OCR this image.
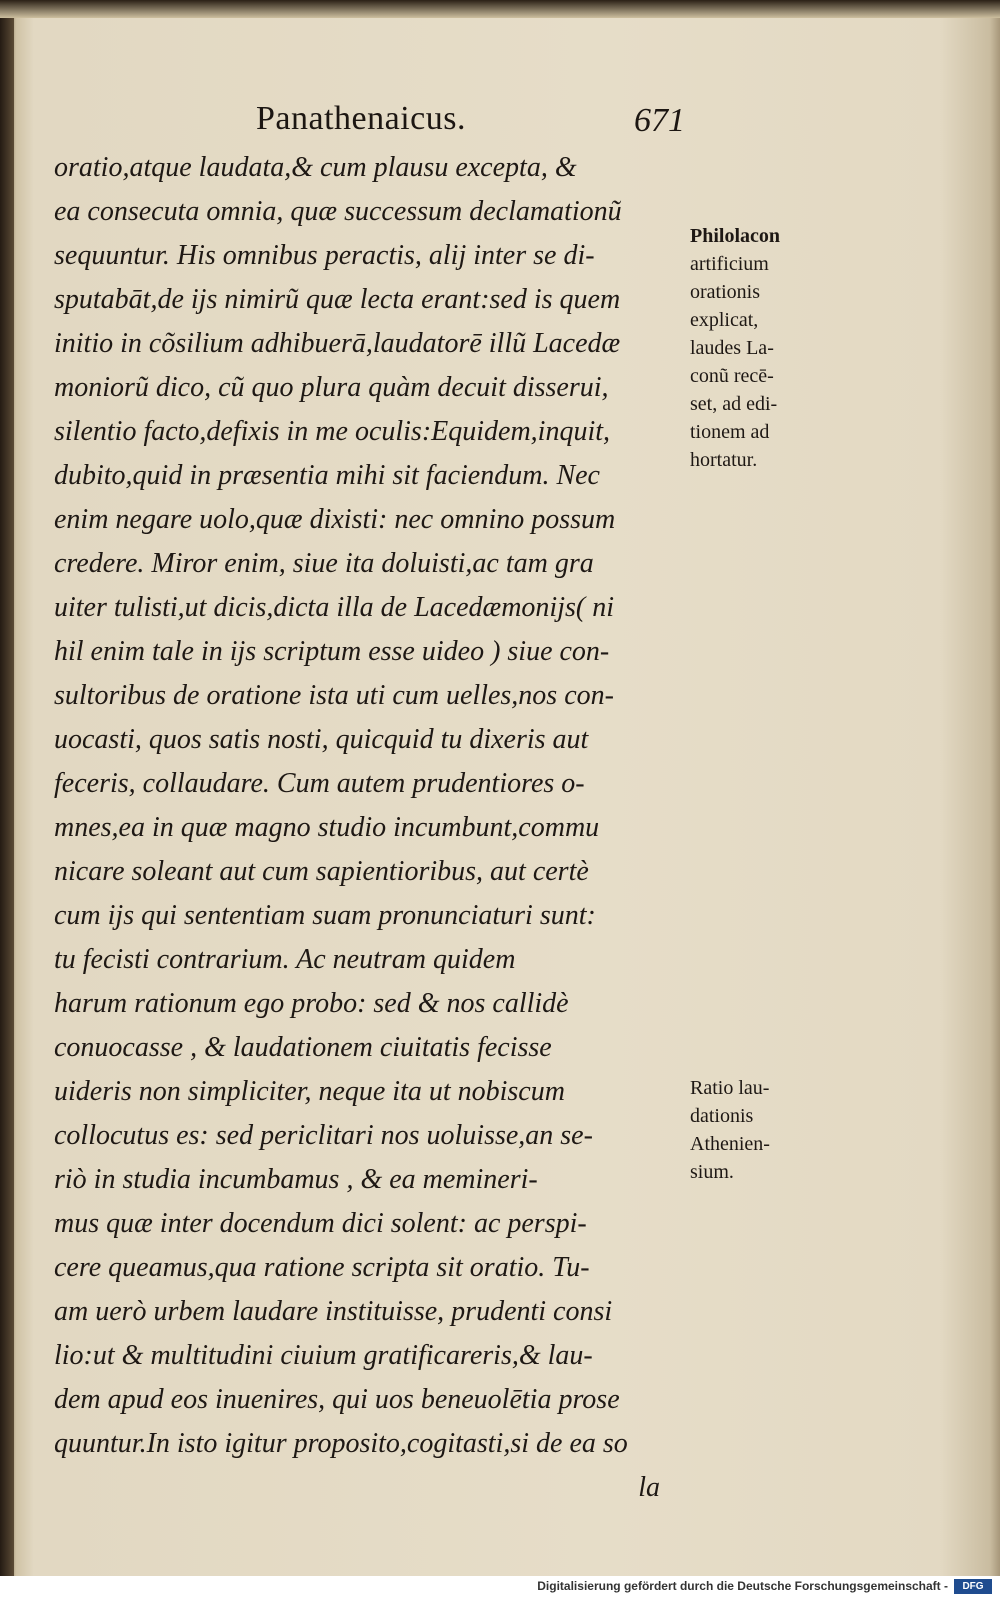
Panathenaicus.	671
oratio,atque laudata,& cum plausu excepta, &
ea consecuta omnia, quæ successum declamationũ
sequuntur. His omnibus peractis, alij inter se di-
sputabāt,de ijs nimirũ quæ lecta erant:sed is quem
initio in cõsilium adhibuerā,laudatorē illũ Lacedæ
moniorũ dico, cũ quo plura quàm decuit disserui,
silentio facto,defixis in me oculis:Equidem,inquit,
dubito,quid in præsentia mihi sit faciendum. Nec
enim negare uolo,quæ dixisti: nec omnino possum
credere. Miror enim, siue ita doluisti,ac tam gra
uiter tulisti,ut dicis,dicta illa de Lacedæmonijs( ni
hil enim tale in ijs scriptum esse uideo ) siue con-
sultoribus de oratione ista uti cum uelles,nos con-
uocasti, quos satis nosti, quicquid tu dixeris aut
feceris, collaudare. Cum autem prudentiores o-
mnes,ea in quæ magno studio incumbunt,commu
nicare soleant aut cum sapientioribus, aut certè
cum ijs qui sententiam suam pronunciaturi sunt:
tu fecisti contrarium. Ac neutram quidem
harum rationum ego probo: sed & nos callidè
conuocasse , & laudationem ciuitatis fecisse
uideris non simpliciter, neque ita ut nobiscum
collocutus es: sed periclitari nos uoluisse,an se-
riò in studia incumbamus , & ea memineri-
mus quæ inter docendum dici solent: ac perspi-
cere queamus,qua ratione scripta sit oratio. Tu-
am uerò urbem laudare instituisse, prudenti consi
lio:ut & multitudini ciuium gratificareris,& lau-
dem apud eos inuenires, qui uos beneuolētia prose
quuntur.In isto igitur proposito,cogitasti,si de ea so
la
Philolacon
artificium
orationis
explicat,
laudes La-
conũ recē-
set, ad edi-
tionem ad
hortatur.
Ratio lau-
dationis
Athenien-
sium.
Digitalisierung gefördert durch die Deutsche Forschungsgemeinschaft -	DFG
